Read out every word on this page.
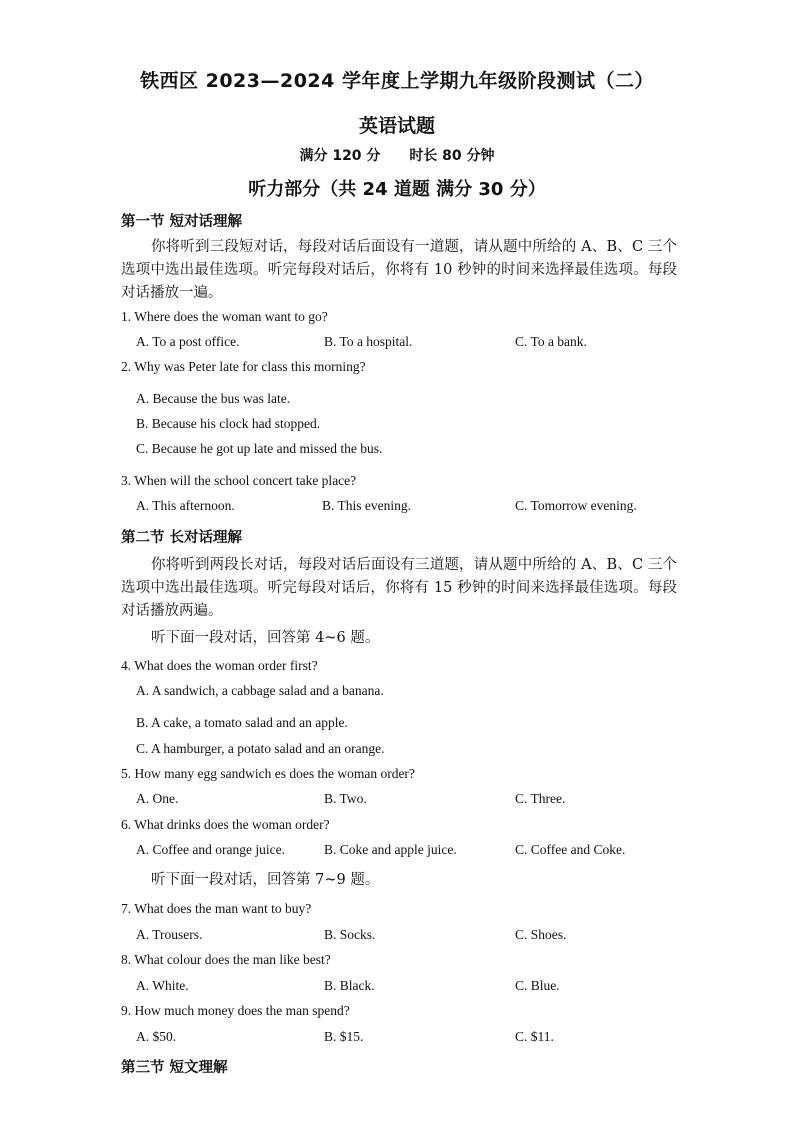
铁西区 2023—2024 学年度上学期九年级阶段测试（二）
英语试题
满分 120 分 时长 80 分钟
听力部分（共 24 道题 满分 30 分）
第一节 短对话理解
你将听到三段短对话，每段对话后面设有一道题，请从题中所给的 A、B、C 三个选项中选出最佳选项。听完每段对话后，你将有 10 秒钟的时间来选择最佳选项。每段对话播放一遍。
1. Where does the woman want to go?
A. To a post office.	B. To a hospital.	C. To a bank.
2. Why was Peter late for class this morning?
A. Because the bus was late.
B. Because his clock had stopped.
C. Because he got up late and missed the bus.
3. When will the school concert take place?
A. This afternoon.	B. This evening.	C. Tomorrow evening.
第二节 长对话理解
你将听到两段长对话，每段对话后面设有三道题，请从题中所给的 A、B、C 三个选项中选出最佳选项。听完每段对话后，你将有 15 秒钟的时间来选择最佳选项。每段对话播放两遍。
听下面一段对话，回答第 4~6 题。
4. What does the woman order first?
A. A sandwich, a cabbage salad and a banana.
B. A cake, a tomato salad and an apple.
C. A hamburger, a potato salad and an orange.
5. How many egg sandwich es does the woman order?
A. One.	B. Two.	C. Three.
6. What drinks does the woman order?
A. Coffee and orange juice.	B. Coke and apple juice.	C. Coffee and Coke.
听下面一段对话，回答第 7~9 题。
7. What does the man want to buy?
A. Trousers.	B. Socks.	C. Shoes.
8. What colour does the man like best?
A. White.	B. Black.	C. Blue.
9. How much money does the man spend?
A. $50.	B. $15.	C. $11.
第三节 短文理解
